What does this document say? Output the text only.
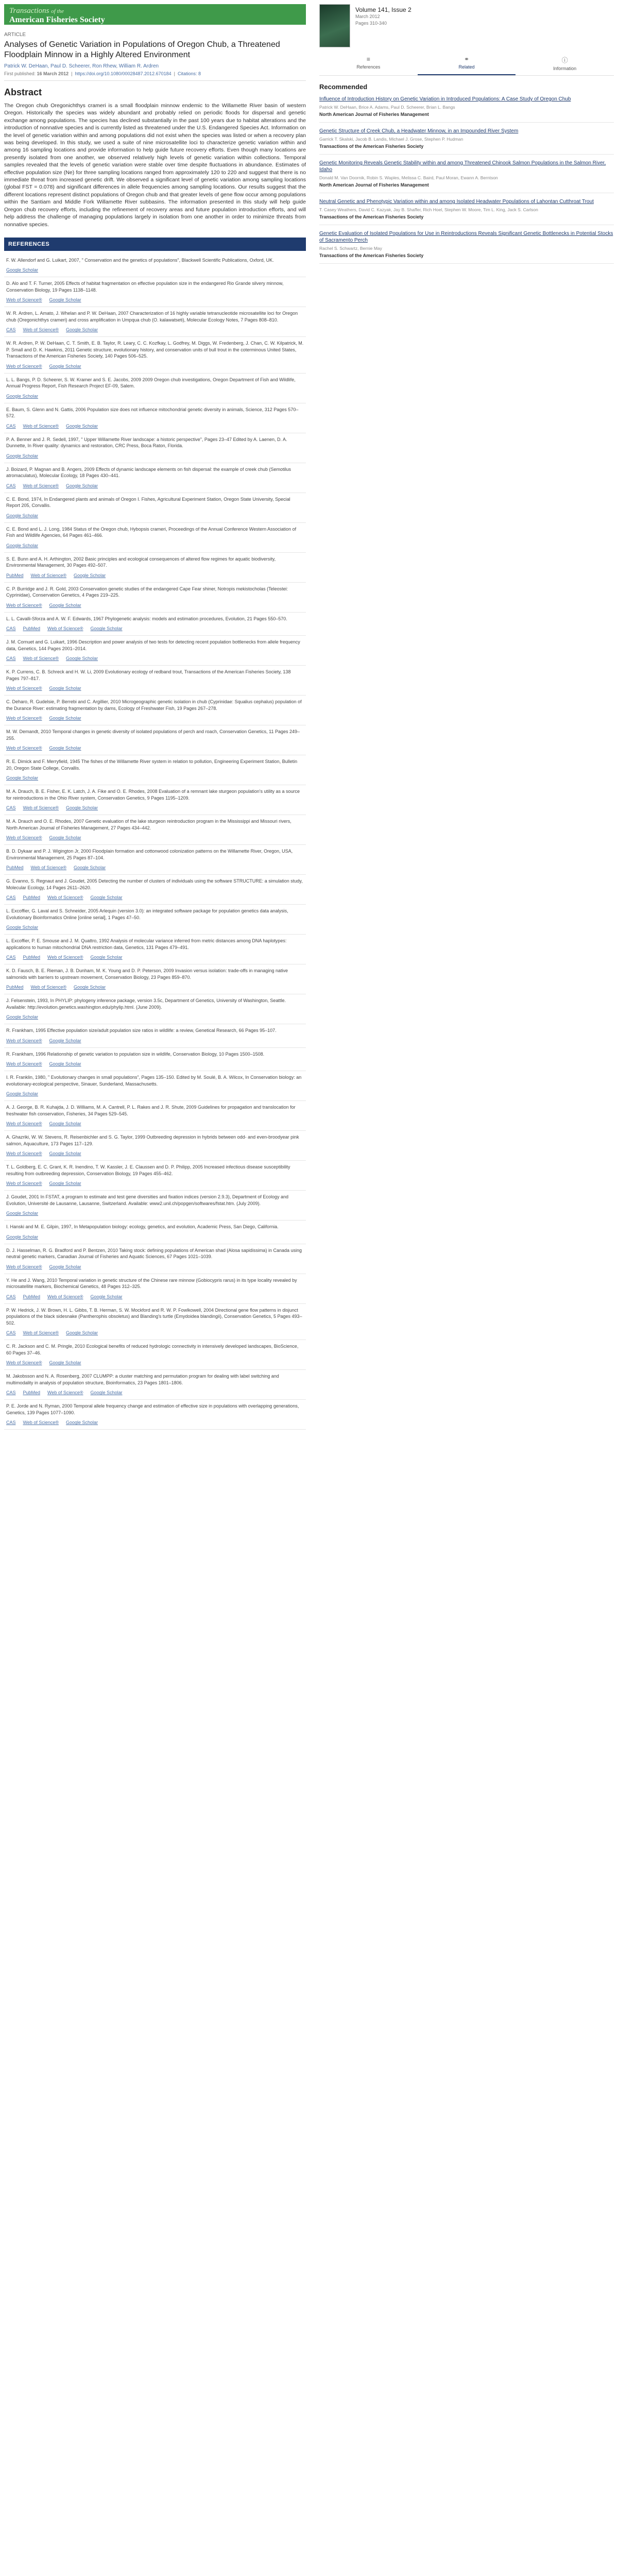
Transactions of the
American Fisheries Society
ARTICLE
Analyses of Genetic Variation in Populations of Oregon Chub, a Threatened Floodplain Minnow in a Highly Altered Environment
Patrick W. DeHaan, Paul D. Scheerer, Ron Rhew, William R. Ardren
First published: 16 March 2012  |  https://doi.org/10.1080/00028487.2012.670184  |  Citations: 8
Abstract

The Oregon chub Oregonichthys crameri is a small floodplain minnow endemic to the Willamette River basin of western Oregon. Historically the species was widely abundant and probably relied on periodic floods for dispersal and genetic exchange among populations. The species has declined substantially in the past 100 years due to habitat alterations and the introduction of nonnative species and is currently listed as threatened under the U.S. Endangered Species Act. Information on the level of genetic variation within and among populations did not exist when the species was listed or when a recovery plan was being developed. In this study, we used a suite of nine microsatellite loci to characterize genetic variation within and among 16 sampling locations and provide information to help guide future recovery efforts. Even though many locations are presently isolated from one another, we observed relatively high levels of genetic variation within collections. Temporal samples revealed that the levels of genetic variation were stable over time despite fluctuations in abundance. Estimates of effective population size (Ne) for three sampling locations ranged from approximately 120 to 220 and suggest that there is no immediate threat from increased genetic drift. We observed a significant level of genetic variation among sampling locations (global FST = 0.078) and significant differences in allele frequencies among sampling locations. Our results suggest that the different locations represent distinct populations of Oregon chub and that greater levels of gene flow occur among populations within the Santiam and Middle Fork Willamette River subbasins. The information presented in this study will help guide Oregon chub recovery efforts, including the refinement of recovery areas and future population introduction efforts, and will help address the challenge of managing populations largely in isolation from one another in order to minimize threats from nonnative species.

REFERENCES
F. W. Allendorf and G. Luikart, 2007, " Conservation and the genetics of populations", Blackwell Scientific Publications, Oxford, UK.
Google Scholar
D. Alo and T. F. Turner, 2005 Effects of habitat fragmentation on effective population size in the endangered Rio Grande silvery minnow, Conservation Biology, 19 Pages 1138–1148.
Web of Science® Google Scholar
W. R. Ardren, L. Amato, J. Whelan and P. W. DeHaan, 2007 Characterization of 16 highly variable tetranucleotide microsatellite loci for Oregon chub (Oregonichthys crameri) and cross amplification in Umpqua chub (O. kalawatseti), Molecular Ecology Notes, 7 Pages 808–810.
CAS Web of Science® Google Scholar
W. R. Ardren, P. W. DeHaan, C. T. Smith, E. B. Taylor, R. Leary, C. C. Kozfkay, L. Godfrey, M. Diggs, W. Fredenberg, J. Chan, C. W. Kilpatrick, M. P. Small and D. K. Hawkins, 2011 Genetic structure, evolutionary history, and conservation units of bull trout in the coterminous United States, Transactions of the American Fisheries Society, 140 Pages 506–525.
Web of Science® Google Scholar
L. L. Bangs, P. D. Scheerer, S. W. Kramer and S. E. Jacobs, 2009 2009 Oregon chub investigations, Oregon Department of Fish and Wildlife, Annual Progress Report, Fish Research Project EF-09, Salem.
Google Scholar
E. Baum, S. Glenn and N. Gattis, 2006 Population size does not influence mitochondrial genetic diversity in animals, Science, 312 Pages 570–572.
CAS Web of Science® Google Scholar
P. A. Benner and J. R. Sedell, 1997, " Upper Willamette River landscape: a historic perspective", Pages 23–47 Edited by A. Laenen, D. A. Dunnette, In River quality: dynamics and restoration, CRC Press, Boca Raton, Florida.
Google Scholar
J. Boizard, P. Magnan and B. Angers, 2009 Effects of dynamic landscape elements on fish dispersal: the example of creek chub (Semotilus atromaculatus), Molecular Ecology, 18 Pages 430–441.
CAS Web of Science® Google Scholar
C. E. Bond, 1974, In Endangered plants and animals of Oregon I. Fishes, Agricultural Experiment Station, Oregon State University, Special Report 205, Corvallis.
Google Scholar
C. E. Bond and L. J. Long, 1984 Status of the Oregon chub, Hybopsis crameri, Proceedings of the Annual Conference Western Association of Fish and Wildlife Agencies, 64 Pages 461–466.
Google Scholar
S. E. Bunn and A. H. Arthington, 2002 Basic principles and ecological consequences of altered flow regimes for aquatic biodiversity, Environmental Management, 30 Pages 492–507.
PubMed Web of Science® Google Scholar
C. P. Burridge and J. R. Gold, 2003 Conservation genetic studies of the endangered Cape Fear shiner, Notropis mekistocholas (Teleostei: Cyprinidae), Conservation Genetics, 4 Pages 219–225.
Web of Science® Google Scholar
L. L. Cavalli-Sforza and A. W. F. Edwards, 1967 Phylogenetic analysis: models and estimation procedures, Evolution, 21 Pages 550–570.
CAS PubMed Web of Science® Google Scholar
J. M. Cornuet and G. Luikart, 1996 Description and power analysis of two tests for detecting recent population bottlenecks from allele frequency data, Genetics, 144 Pages 2001–2014.
CAS Web of Science® Google Scholar
K. P. Currens, C. B. Schreck and H. W. Li, 2009 Evolutionary ecology of redband trout, Transactions of the American Fisheries Society, 138 Pages 797–817.
Web of Science® Google Scholar
C. Deharo, R. Gudelsie, P. Berrebi and C. Argillier, 2010 Microgeographic genetic isolation in chub (Cyprinidae: Squalius cephalus) population of the Durance River: estimating fragmentation by dams, Ecology of Freshwater Fish, 19 Pages 267–278.
Web of Science® Google Scholar
M. W. Demandt, 2010 Temporal changes in genetic diversity of isolated populations of perch and roach, Conservation Genetics, 11 Pages 249–255.
Web of Science® Google Scholar
R. E. Dimick and F. Merryfield, 1945 The fishes of the Willamette River system in relation to pollution, Engineering Experiment Station, Bulletin 20, Oregon State College, Corvallis.
Google Scholar
M. A. Drauch, B. E. Fisher, E. K. Latch, J. A. Fike and O. E. Rhodes, 2008 Evaluation of a remnant lake sturgeon population's utility as a source for reintroductions in the Ohio River system, Conservation Genetics, 9 Pages 1195–1209.
CAS Web of Science® Google Scholar
M. A. Drauch and O. E. Rhodes, 2007 Genetic evaluation of the lake sturgeon reintroduction program in the Mississippi and Missouri rivers, North American Journal of Fisheries Management, 27 Pages 434–442.
Web of Science® Google Scholar
B. D. Dykaar and P. J. Wigington Jr, 2000 Floodplain formation and cottonwood colonization patterns on the Willamette River, Oregon, USA, Environmental Management, 25 Pages 87–104.
PubMed Web of Science® Google Scholar
G. Evanno, S. Regnaut and J. Goudet, 2005 Detecting the number of clusters of individuals using the software STRUCTURE: a simulation study, Molecular Ecology, 14 Pages 2611–2620.
CAS PubMed Web of Science® Google Scholar
L. Excoffier, G. Laval and S. Schneider, 2005 Arlequin (version 3.0): an integrated software package for population genetics data analysis, Evolutionary Bioinformatics Online [online serial], 1 Pages 47–50.
Google Scholar
L. Excoffier, P. E. Smouse and J. M. Quattro, 1992 Analysis of molecular variance inferred from metric distances among DNA haplotypes: applications to human mitochondrial DNA restriction data, Genetics, 131 Pages 479–491.
CAS PubMed Web of Science® Google Scholar
K. D. Fausch, B. E. Rieman, J. B. Dunham, M. K. Young and D. P. Peterson, 2009 Invasion versus isolation: trade-offs in managing native salmonids with barriers to upstream movement, Conservation Biology, 23 Pages 859–870.
PubMed Web of Science® Google Scholar
J. Felsenstein, 1993, In PHYLIP: phylogeny inference package, version 3.5c, Department of Genetics, University of Washington, Seattle. Available: http://evolution.genetics.washington.edu/phylip.html. (June 2009).
Google Scholar
R. Frankham, 1995 Effective population size/adult population size ratios in wildlife: a review, Genetical Research, 66 Pages 95–107.
Web of Science® Google Scholar
R. Frankham, 1996 Relationship of genetic variation to population size in wildlife, Conservation Biology, 10 Pages 1500–1508.
Web of Science® Google Scholar
I. R. Franklin, 1980, " Evolutionary changes in small populations", Pages 135–150. Edited by M. Soulé, B. A. Wilcox, In Conservation biology: an evolutionary-ecological perspective, Sinauer, Sunderland, Massachusetts.
Google Scholar
A. J. George, B. R. Kuhajda, J. D. Williams, M. A. Cantrell, P. L. Rakes and J. R. Shute, 2009 Guidelines for propagation and translocation for freshwater fish conservation, Fisheries, 34 Pages 529–545.
Web of Science® Google Scholar
A. Ghazriki, W. W. Stevens, R. Reisenbichler and S. G. Taylor, 1999 Outbreeding depression in hybrids between odd- and even-broodyear pink salmon, Aquaculture, 173 Pages 117–129.
Web of Science® Google Scholar
T. L. Goldberg, E. C. Grant, K. R. Inendino, T. W. Kassler, J. E. Claussen and D. P. Philipp, 2005 Increased infectious disease susceptibility resulting from outbreeding depression, Conservation Biology, 19 Pages 455–462.
Web of Science® Google Scholar
J. Goudet, 2001 In FSTAT, a program to estimate and test gene diversities and fixation indices (version 2.9.3), Department of Ecology and Evolution, Université de Lausanne, Lausanne, Switzerland. Available: www2.unil.ch/popgen/softwares/fstat.htm. (July 2009).
Google Scholar
I. Hanski and M. E. Gilpin, 1997, In Metapopulation biology: ecology, genetics, and evolution, Academic Press, San Diego, California.
Google Scholar
D. J. Hasselman, R. G. Bradford and P. Bentzen, 2010 Taking stock: defining populations of American shad (Alosa sapidissima) in Canada using neutral genetic markers, Canadian Journal of Fisheries and Aquatic Sciences, 67 Pages 1021–1039.
Web of Science® Google Scholar
Y. He and J. Wang, 2010 Temporal variation in genetic structure of the Chinese rare minnow (Gobiocypris rarus) in its type locality revealed by microsatellite markers, Biochemical Genetics, 48 Pages 312–325.
CAS PubMed Web of Science® Google Scholar
P. W. Hedrick, J. W. Brown, H. L. Gibbs, T. B. Herman, S. W. Mockford and R. W. P. Fowlkowell, 2004 Directional gene flow patterns in disjunct populations of the black sidesnake (Pantherophis obsoletus) and Blanding's turtle (Emydoidea blandingii), Conservation Genetics, 5 Pages 493–502.
CAS Web of Science® Google Scholar
C. R. Jackson and C. M. Pringle, 2010 Ecological benefits of reduced hydrologic connectivity in intensively developed landscapes, BioScience, 60 Pages 37–46.
Web of Science® Google Scholar
M. Jakobsson and N. A. Rosenberg, 2007 CLUMPP: a cluster matching and permutation program for dealing with label switching and multimodality in analysis of population structure, Bioinformatics, 23 Pages 1801–1806.
CAS PubMed Web of Science® Google Scholar
P. E. Jorde and N. Ryman, 2000 Temporal allele frequency change and estimation of effective size in populations with overlapping generations, Genetics, 139 Pages 1077–1090.
CAS Web of Science® Google Scholar
Volume 141, Issue 2
March 2012
Pages 310-340
≡
References
⚭
Related
ⓘ
Information
Recommended
Influence of Introduction History on Genetic Variation in Introduced Populations: A Case Study of Oregon Chub
Patrick W. DeHaan, Brice A. Adams, Paul D. Scheerer, Brian L. Bangs
North American Journal of Fisheries Management
Genetic Structure of Creek Chub, a Headwater Minnow, in an Impounded River System
Garrick T. Skalski, Jacob B. Landis, Michael J. Grose, Stephen P. Hudman
Transactions of the American Fisheries Society
Genetic Monitoring Reveals Genetic Stability within and among Threatened Chinook Salmon Populations in the Salmon River, Idaho
Donald M. Van Doornik, Robin S. Waples, Melissa C. Baird, Paul Moran, Ewann A. Berntson
North American Journal of Fisheries Management
Neutral Genetic and Phenotypic Variation within and among Isolated Headwater Populations of Lahontan Cutthroat Trout
T. Casey Weathers, David C. Kazyak, Jay B. Shaffer, Rich Hoel, Stephen W. Moore, Tim L. King, Jack S. Carlson
Transactions of the American Fisheries Society
Genetic Evaluation of Isolated Populations for Use in Reintroductions Reveals Significant Genetic Bottlenecks in Potential Stocks of Sacramento Perch
Rachel S. Schwartz, Bernie May
Transactions of the American Fisheries Society
